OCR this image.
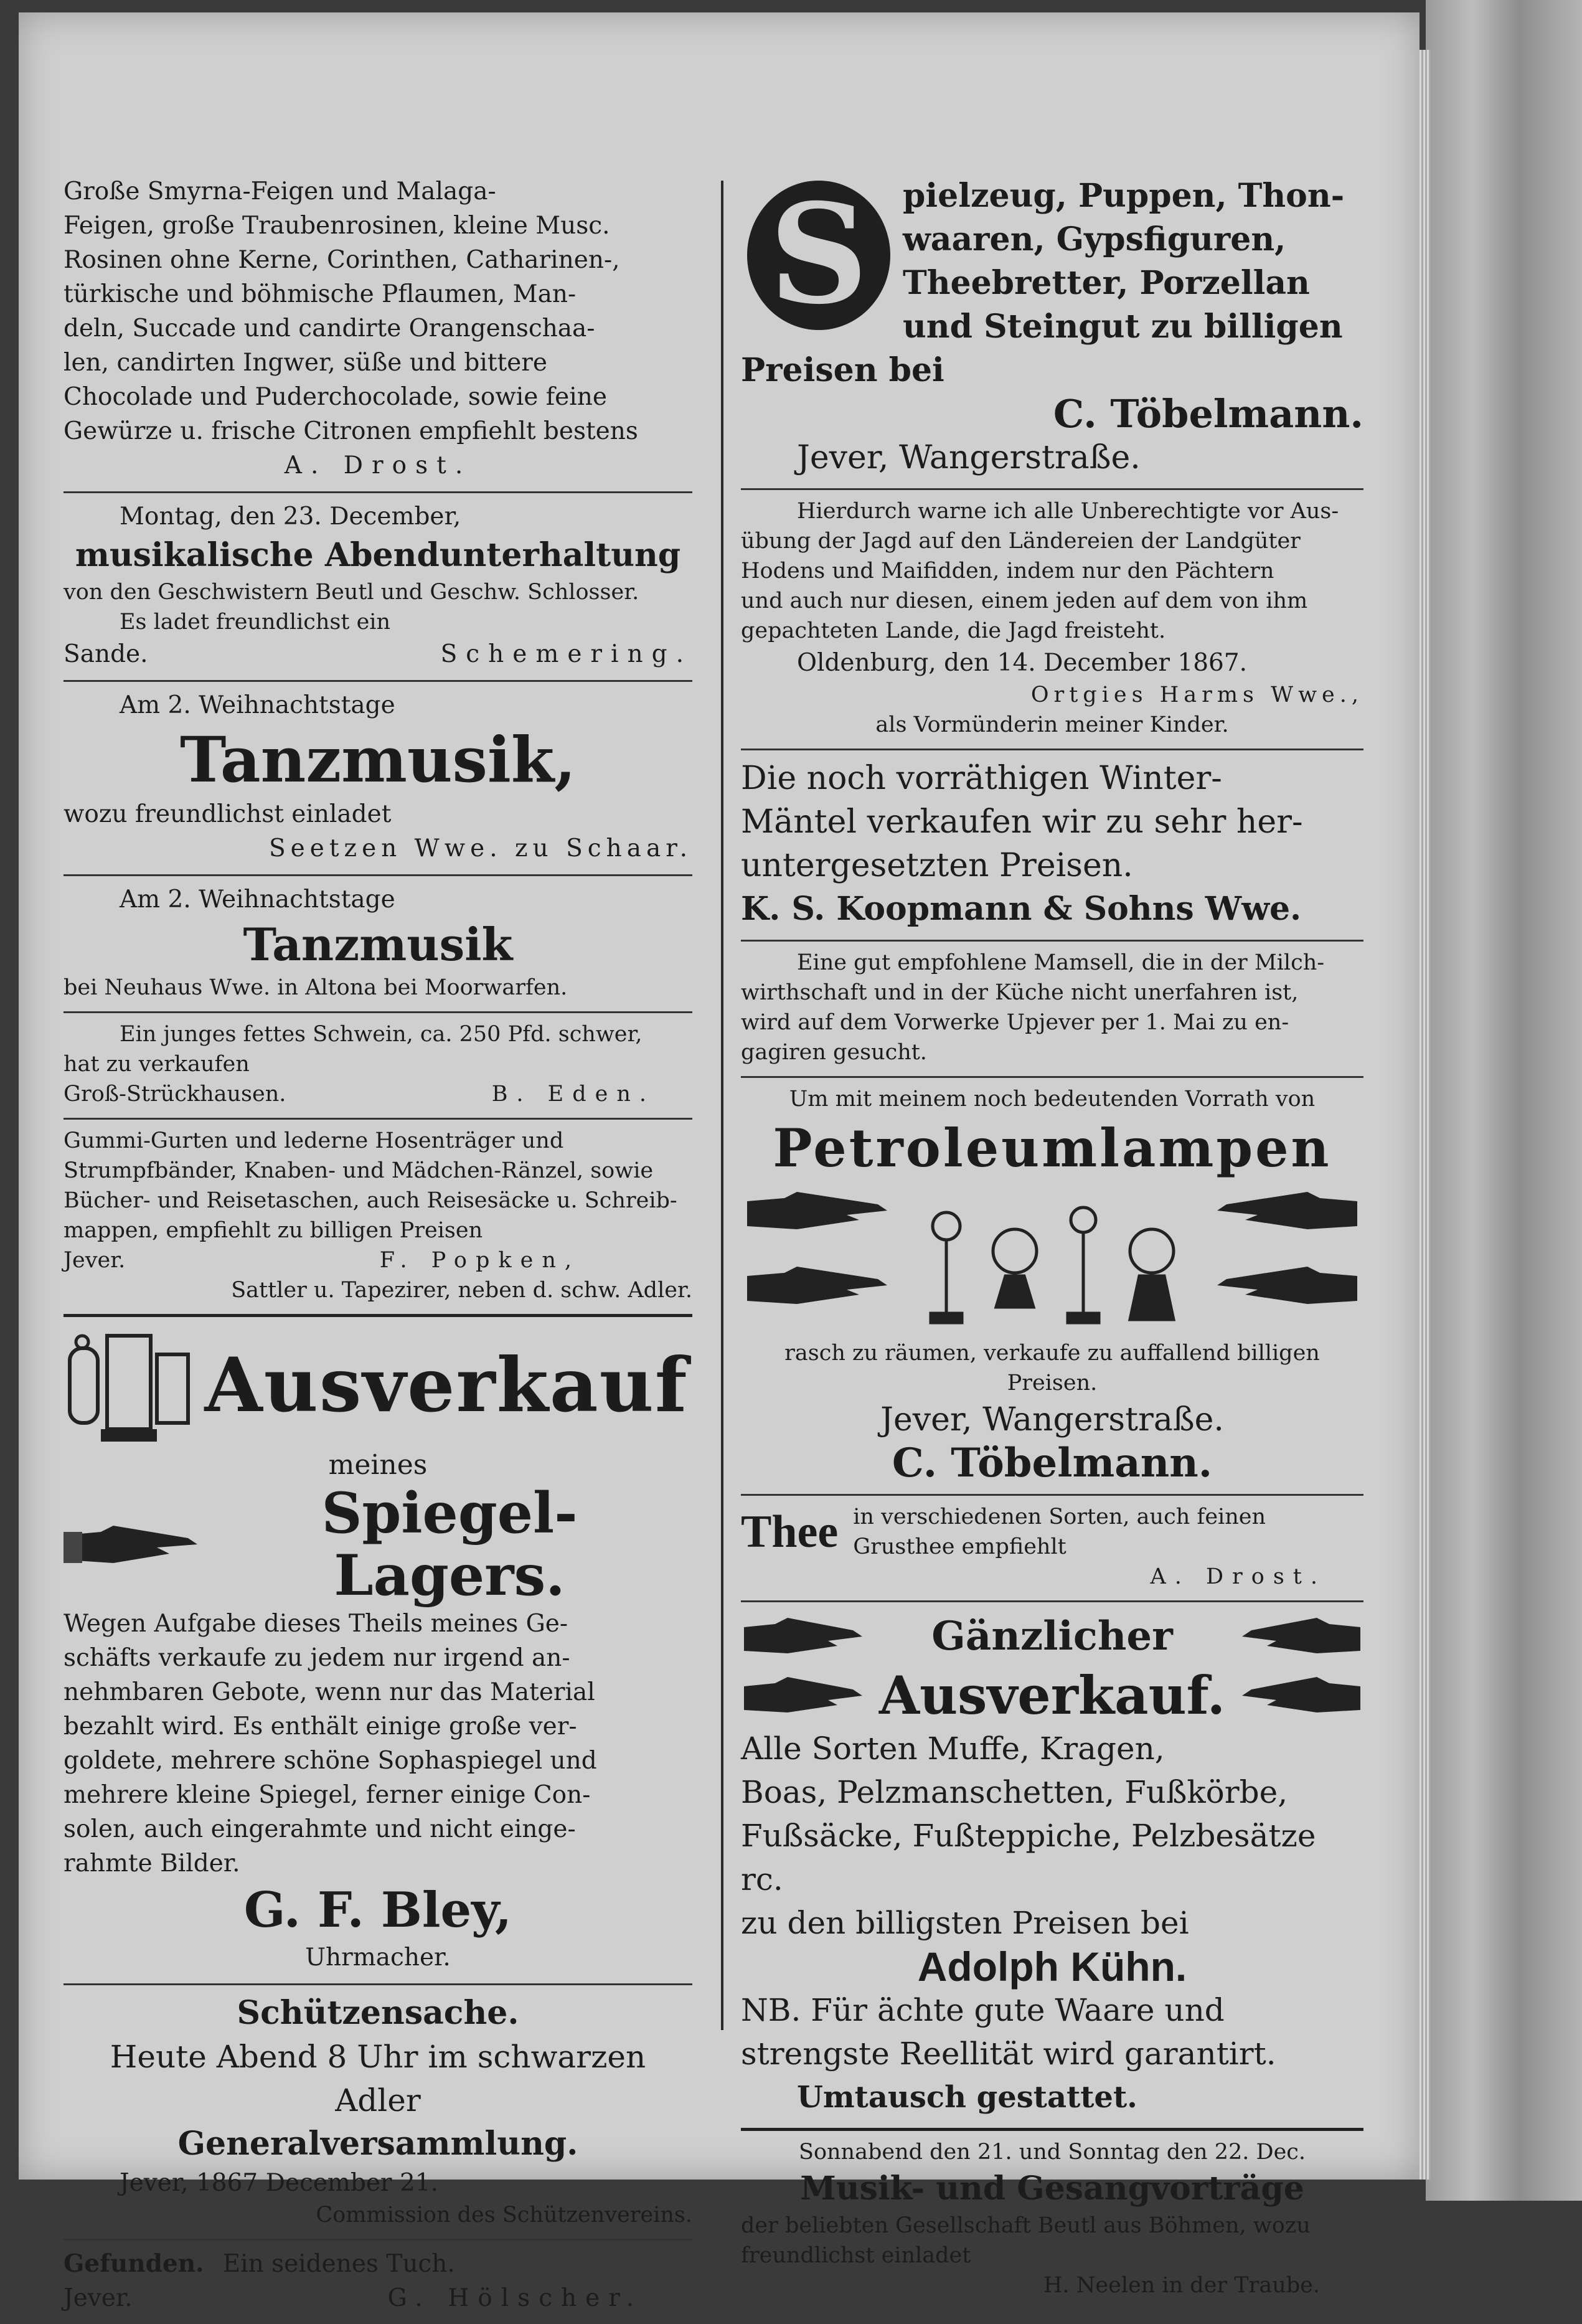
Große Smyrna-Feigen und Malaga-

Feigen, große Traubenrosinen, kleine Musc.

Rosinen ohne Kerne, Corinthen, Catharinen-,

türkische und böhmische Pflaumen, Man-

deln, Succade und candirte Orangenschaa-

len, candirten Ingwer, süße und bittere

Chocolade und Puderchocolade, sowie feine

Gewürze u. frische Citronen empfiehlt bestens

A. Drost.

Montag, den 23. December,

musikalische Abendunterhaltung

von den Geschwistern Beutl und Geschw. Schlosser.

Es ladet freundlichst ein

Sande.	Schemering.

Am 2. Weihnachtstage

Tanzmusik,

wozu freundlichst einladet

Seetzen Wwe. zu Schaar.

Am 2. Weihnachtstage

Tanzmusik

bei Neuhaus Wwe. in Altona bei Moorwarfen.

Ein junges fettes Schwein, ca. 250 Pfd. schwer,

hat zu verkaufen

Groß-Strückhausen.	B. Eden.

Gummi-Gurten und lederne Hosenträger und

Strumpfbänder, Knaben- und Mädchen-Ränzel, sowie

Bücher- und Reisetaschen, auch Reisesäcke u. Schreib-

mappen, empfiehlt zu billigen Preisen

Jever.	F. Popken,

Sattler u. Tapezirer, neben d. schw. Adler.

Ausverkauf

meines

Spiegel-Lagers.

Wegen Aufgabe dieses Theils meines Ge-

schäfts verkaufe zu jedem nur irgend an-

nehmbaren Gebote, wenn nur das Material

bezahlt wird. Es enthält einige große ver-

goldete, mehrere schöne Sophaspiegel und

mehrere kleine Spiegel, ferner einige Con-

solen, auch eingerahmte und nicht einge-

rahmte Bilder.

G. F. Bley,

Uhrmacher.

Schützensache.

Heute Abend 8 Uhr im schwarzen

Adler

Generalversammlung.

Jever, 1867 December 21.

Commission des Schützenvereins.

Gefunden. Ein seidenes Tuch.

Jever.	G. Hölscher.

S	pielzeug, Puppen, Thon-

waaren, Gypsfiguren,

Theebretter, Porzellan

und Steingut zu billigen

Preisen bei

C. Töbelmann.

Jever, Wangerstraße.

Hierdurch warne ich alle Unberechtigte vor Aus-

übung der Jagd auf den Ländereien der Landgüter

Hodens und Maifidden, indem nur den Pächtern

und auch nur diesen, einem jeden auf dem von ihm

gepachteten Lande, die Jagd freisteht.

Oldenburg, den 14. December 1867.

Ortgies Harms Wwe.,

als Vormünderin meiner Kinder.

Die noch vorräthigen Winter-

Mäntel verkaufen wir zu sehr her-

untergesetzten Preisen.

K. S. Koopmann & Sohns Wwe.

Eine gut empfohlene Mamsell, die in der Milch-

wirthschaft und in der Küche nicht unerfahren ist,

wird auf dem Vorwerke Upjever per 1. Mai zu en-

gagiren gesucht.

Um mit meinem noch bedeutenden Vorrath von

Petroleumlampen

rasch zu räumen, verkaufe zu auffallend billigen Preisen.

Jever, Wangerstraße.

C. Töbelmann.

Thee in verschiedenen Sorten, auch feinen

Grusthee empfiehlt

A. Drost.

Gänzlicher

Ausverkauf.

Alle Sorten Muffe, Kragen,

Boas, Pelzmanschetten, Fußkörbe,

Fußsäcke, Fußteppiche, Pelzbesätze rc.

zu den billigsten Preisen bei

Adolph Kühn.

NB. Für ächte gute Waare und

strengste Reellität wird garantirt.

Umtausch gestattet.

Sonnabend den 21. und Sonntag den 22. Dec.

Musik- und Gesangvorträge

der beliebten Gesellschaft Beutl aus Böhmen, wozu

freundlichst einladet

H. Neelen in der Traube.
